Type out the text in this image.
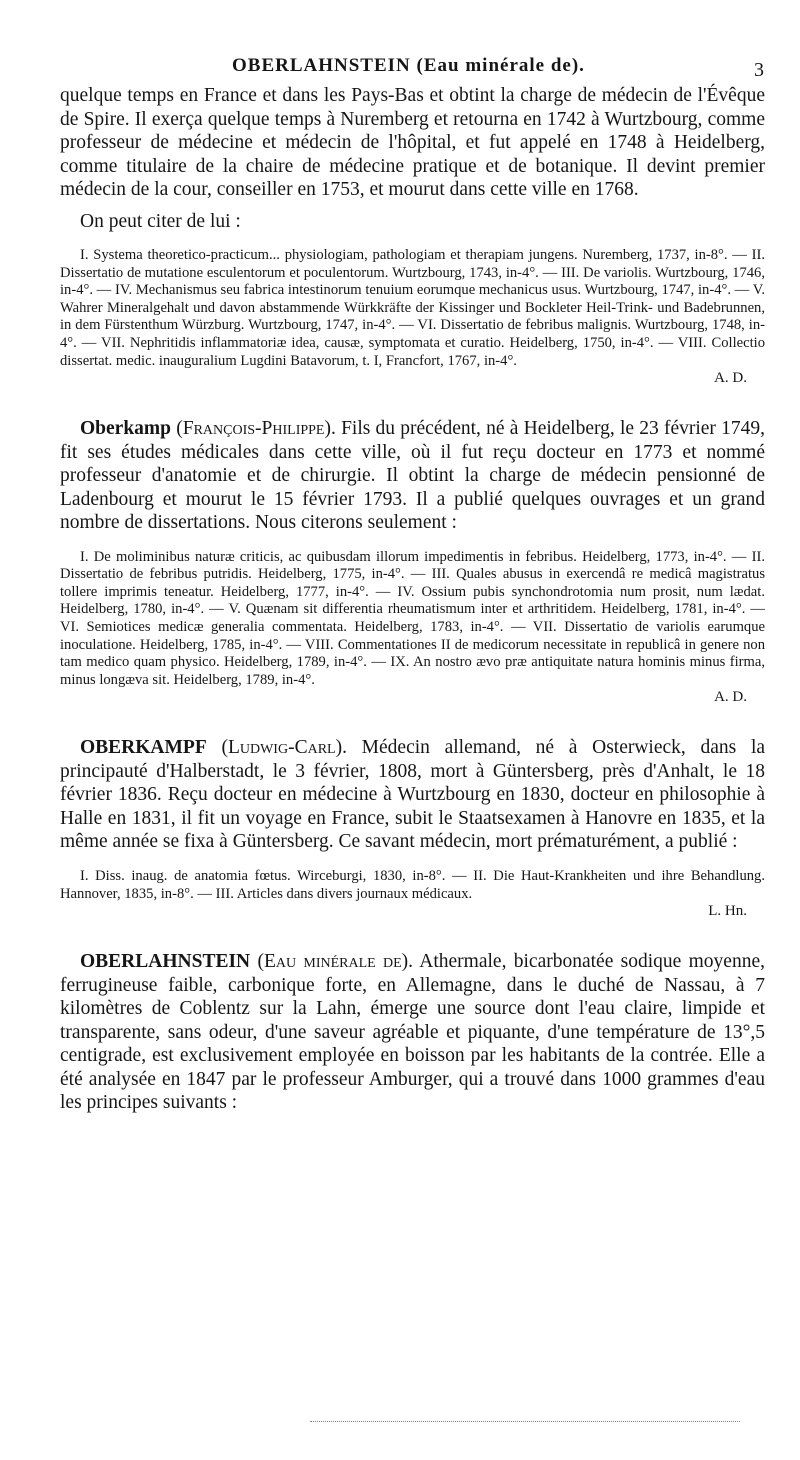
OBERLAHNSTEIN (Eau minérale de).	3

quelque temps en France et dans les Pays-Bas et obtint la charge de médecin de l'Évêque de Spire. Il exerça quelque temps à Nuremberg et retourna en 1742 à Wurtzbourg, comme professeur de médecine et médecin de l'hôpital, et fut appelé en 1748 à Heidelberg, comme titulaire de la chaire de médecine pratique et de botanique. Il devint premier médecin de la cour, conseiller en 1753, et mourut dans cette ville en 1768.

On peut citer de lui :

I. Systema theoretico-practicum... physiologiam, pathologiam et therapiam jungens. Nuremberg, 1737, in-8°. — II. Dissertatio de mutatione esculentorum et poculentorum. Wurtzbourg, 1743, in-4°. — III. De variolis. Wurtzbourg, 1746, in-4°. — IV. Mechanismus seu fabrica intestinorum tenuium eorumque mechanicus usus. Wurtzbourg, 1747, in-4°. — V. Wahrer Mineralgehalt und davon abstammende Würkkräfte der Kissinger und Bockleter Heil-Trink- und Badebrunnen, in dem Fürstenthum Würzburg. Wurtzbourg, 1747, in-4°. — VI. Dissertatio de febribus malignis. Wurtzbourg, 1748, in-4°. — VII. Nephritidis inflammatoriæ idea, causæ, symptomata et curatio. Heidelberg, 1750, in-4°. — VIII. Collectio dissertat. medic. inauguralium Lugdini Batavorum, t. I, Francfort, 1767, in-4°.

A. D.

Oberkamp (François-Philippe). Fils du précédent, né à Heidelberg, le 23 février 1749, fit ses études médicales dans cette ville, où il fut reçu docteur en 1773 et nommé professeur d'anatomie et de chirurgie. Il obtint la charge de médecin pensionné de Ladenbourg et mourut le 15 février 1793. Il a publié quelques ouvrages et un grand nombre de dissertations. Nous citerons seulement :

I. De moliminibus naturæ criticis, ac quibusdam illorum impedimentis in febribus. Heidelberg, 1773, in-4°. — II. Dissertatio de febribus putridis. Heidelberg, 1775, in-4°. — III. Quales abusus in exercendâ re medicâ magistratus tollere imprimis teneatur. Heidelberg, 1777, in-4°. — IV. Ossium pubis synchondrotomia num prosit, num lædat. Heidelberg, 1780, in-4°. — V. Quænam sit differentia rheumatismum inter et arthritidem. Heidelberg, 1781, in-4°. — VI. Semiotices medicæ generalia commentata. Heidelberg, 1783, in-4°. — VII. Dissertatio de variolis earumque inoculatione. Heidelberg, 1785, in-4°. — VIII. Commentationes II de medicorum necessitate in republicâ in genere non tam medico quam physico. Heidelberg, 1789, in-4°. — IX. An nostro ævo præ antiquitate natura hominis minus firma, minus longæva sit. Heidelberg, 1789, in-4°.

A. D.

OBERKAMPF (Ludwig-Carl). Médecin allemand, né à Osterwieck, dans la principauté d'Halberstadt, le 3 février, 1808, mort à Güntersberg, près d'Anhalt, le 18 février 1836. Reçu docteur en médecine à Wurtzbourg en 1830, docteur en philosophie à Halle en 1831, il fit un voyage en France, subit le Staatsexamen à Hanovre en 1835, et la même année se fixa à Güntersberg. Ce savant médecin, mort prématurément, a publié :

I. Diss. inaug. de anatomia fœtus. Wirceburgi, 1830, in-8°. — II. Die Haut-Krankheiten und ihre Behandlung. Hannover, 1835, in-8°. — III. Articles dans divers journaux médicaux.

L. Hn.

OBERLAHNSTEIN (Eau minérale de). Athermale, bicarbonatée sodique moyenne, ferrugineuse faible, carbonique forte, en Allemagne, dans le duché de Nassau, à 7 kilomètres de Coblentz sur la Lahn, émerge une source dont l'eau claire, limpide et transparente, sans odeur, d'une saveur agréable et piquante, d'une température de 13°,5 centigrade, est exclusivement employée en boisson par les habitants de la contrée. Elle a été analysée en 1847 par le professeur Amburger, qui a trouvé dans 1000 grammes d'eau les principes suivants :
